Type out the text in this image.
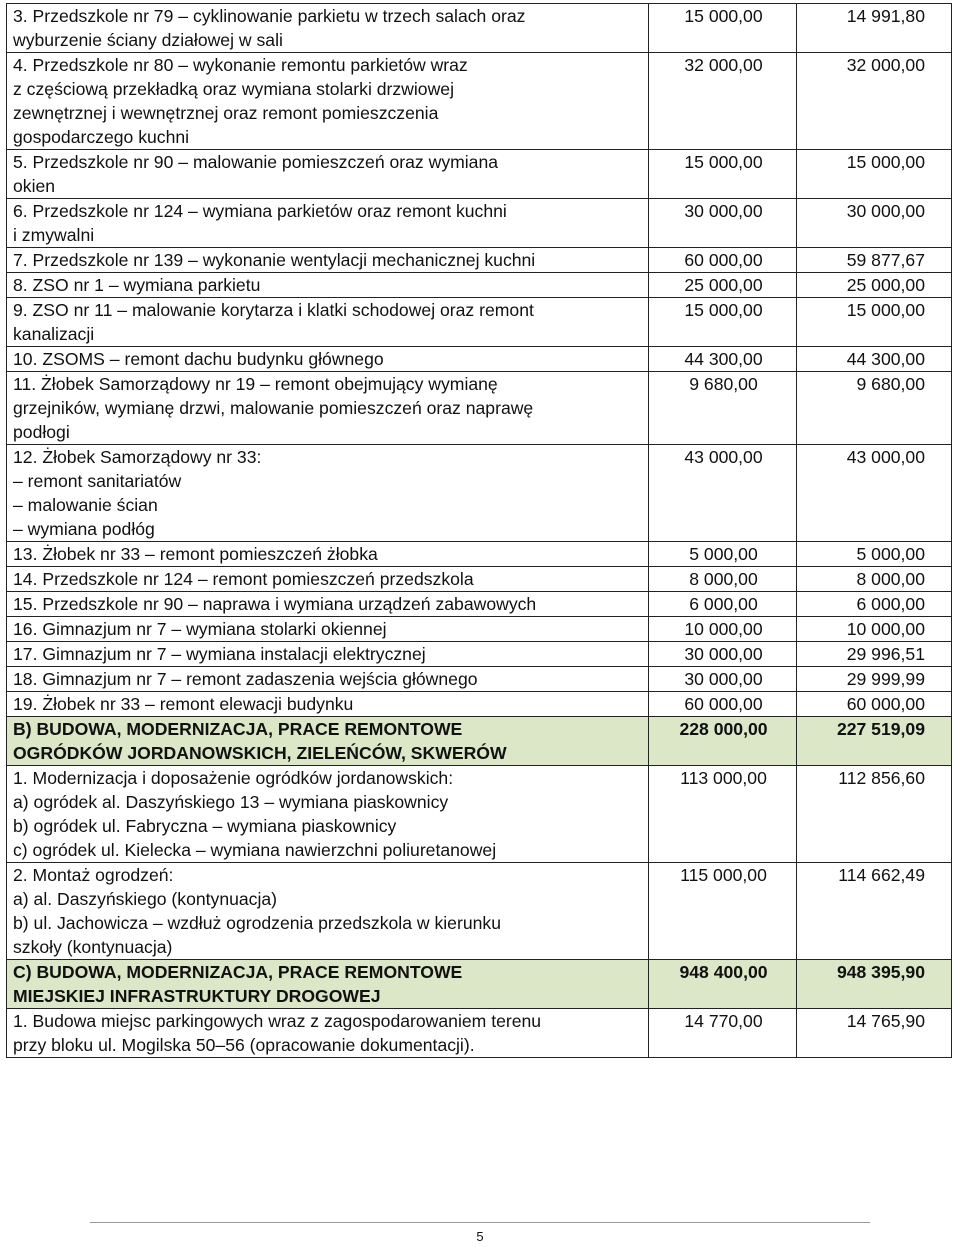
3. Przedszkole nr 79 – cyklinowanie parkietu w trzech salach oraz
wyburzenie ściany działowej w sali	15 000,00	14 991,80
4. Przedszkole nr 80 – wykonanie remontu parkietów wraz
z częściową przekładką oraz wymiana stolarki drzwiowej
zewnętrznej i wewnętrznej oraz remont pomieszczenia
gospodarczego kuchni	32 000,00	32 000,00
5. Przedszkole nr 90 – malowanie pomieszczeń oraz wymiana
okien	15 000,00	15 000,00
6. Przedszkole nr 124 – wymiana parkietów oraz remont kuchni
i zmywalni	30 000,00	30 000,00
7. Przedszkole nr 139 – wykonanie wentylacji mechanicznej kuchni	60 000,00	59 877,67
8. ZSO nr 1 – wymiana parkietu	25 000,00	25 000,00
9. ZSO nr 11 – malowanie korytarza i klatki schodowej oraz remont
kanalizacji	15 000,00	15 000,00
10. ZSOMS – remont dachu budynku głównego	44 300,00	44 300,00
11. Żłobek Samorządowy nr 19 – remont obejmujący wymianę
grzejników, wymianę drzwi, malowanie pomieszczeń oraz naprawę
podłogi	9 680,00	9 680,00
12. Żłobek Samorządowy nr 33:
– remont sanitariatów
– malowanie ścian
– wymiana podłóg	43 000,00	43 000,00
13. Żłobek nr 33 – remont pomieszczeń żłobka	5 000,00	5 000,00
14. Przedszkole nr 124 – remont pomieszczeń przedszkola	8 000,00	8 000,00
15. Przedszkole nr 90 – naprawa i wymiana urządzeń zabawowych	6 000,00	6 000,00
16. Gimnazjum nr 7 – wymiana stolarki okiennej	10 000,00	10 000,00
17. Gimnazjum nr 7 – wymiana instalacji elektrycznej	30 000,00	29 996,51
18. Gimnazjum nr 7 – remont zadaszenia wejścia głównego	30 000,00	29 999,99
19. Żłobek nr 33 – remont elewacji budynku	60 000,00	60 000,00
B) BUDOWA, MODERNIZACJA, PRACE REMONTOWE
OGRÓDKÓW JORDANOWSKICH, ZIELEŃCÓW, SKWERÓW	228 000,00	227 519,09
1. Modernizacja i doposażenie ogródków jordanowskich:
a) ogródek al. Daszyńskiego 13 – wymiana piaskownicy
b) ogródek ul. Fabryczna – wymiana piaskownicy
c) ogródek ul. Kielecka – wymiana nawierzchni poliuretanowej	113 000,00	112 856,60
2. Montaż ogrodzeń:
a) al. Daszyńskiego (kontynuacja)
b) ul. Jachowicza – wzdłuż ogrodzenia przedszkola w kierunku
szkoły (kontynuacja)	115 000,00	114 662,49
C) BUDOWA, MODERNIZACJA, PRACE REMONTOWE
MIEJSKIEJ INFRASTRUKTURY DROGOWEJ	948 400,00	948 395,90
1. Budowa miejsc parkingowych wraz z zagospodarowaniem terenu
przy bloku ul. Mogilska 50–56 (opracowanie dokumentacji).	14 770,00	14 765,90
5
